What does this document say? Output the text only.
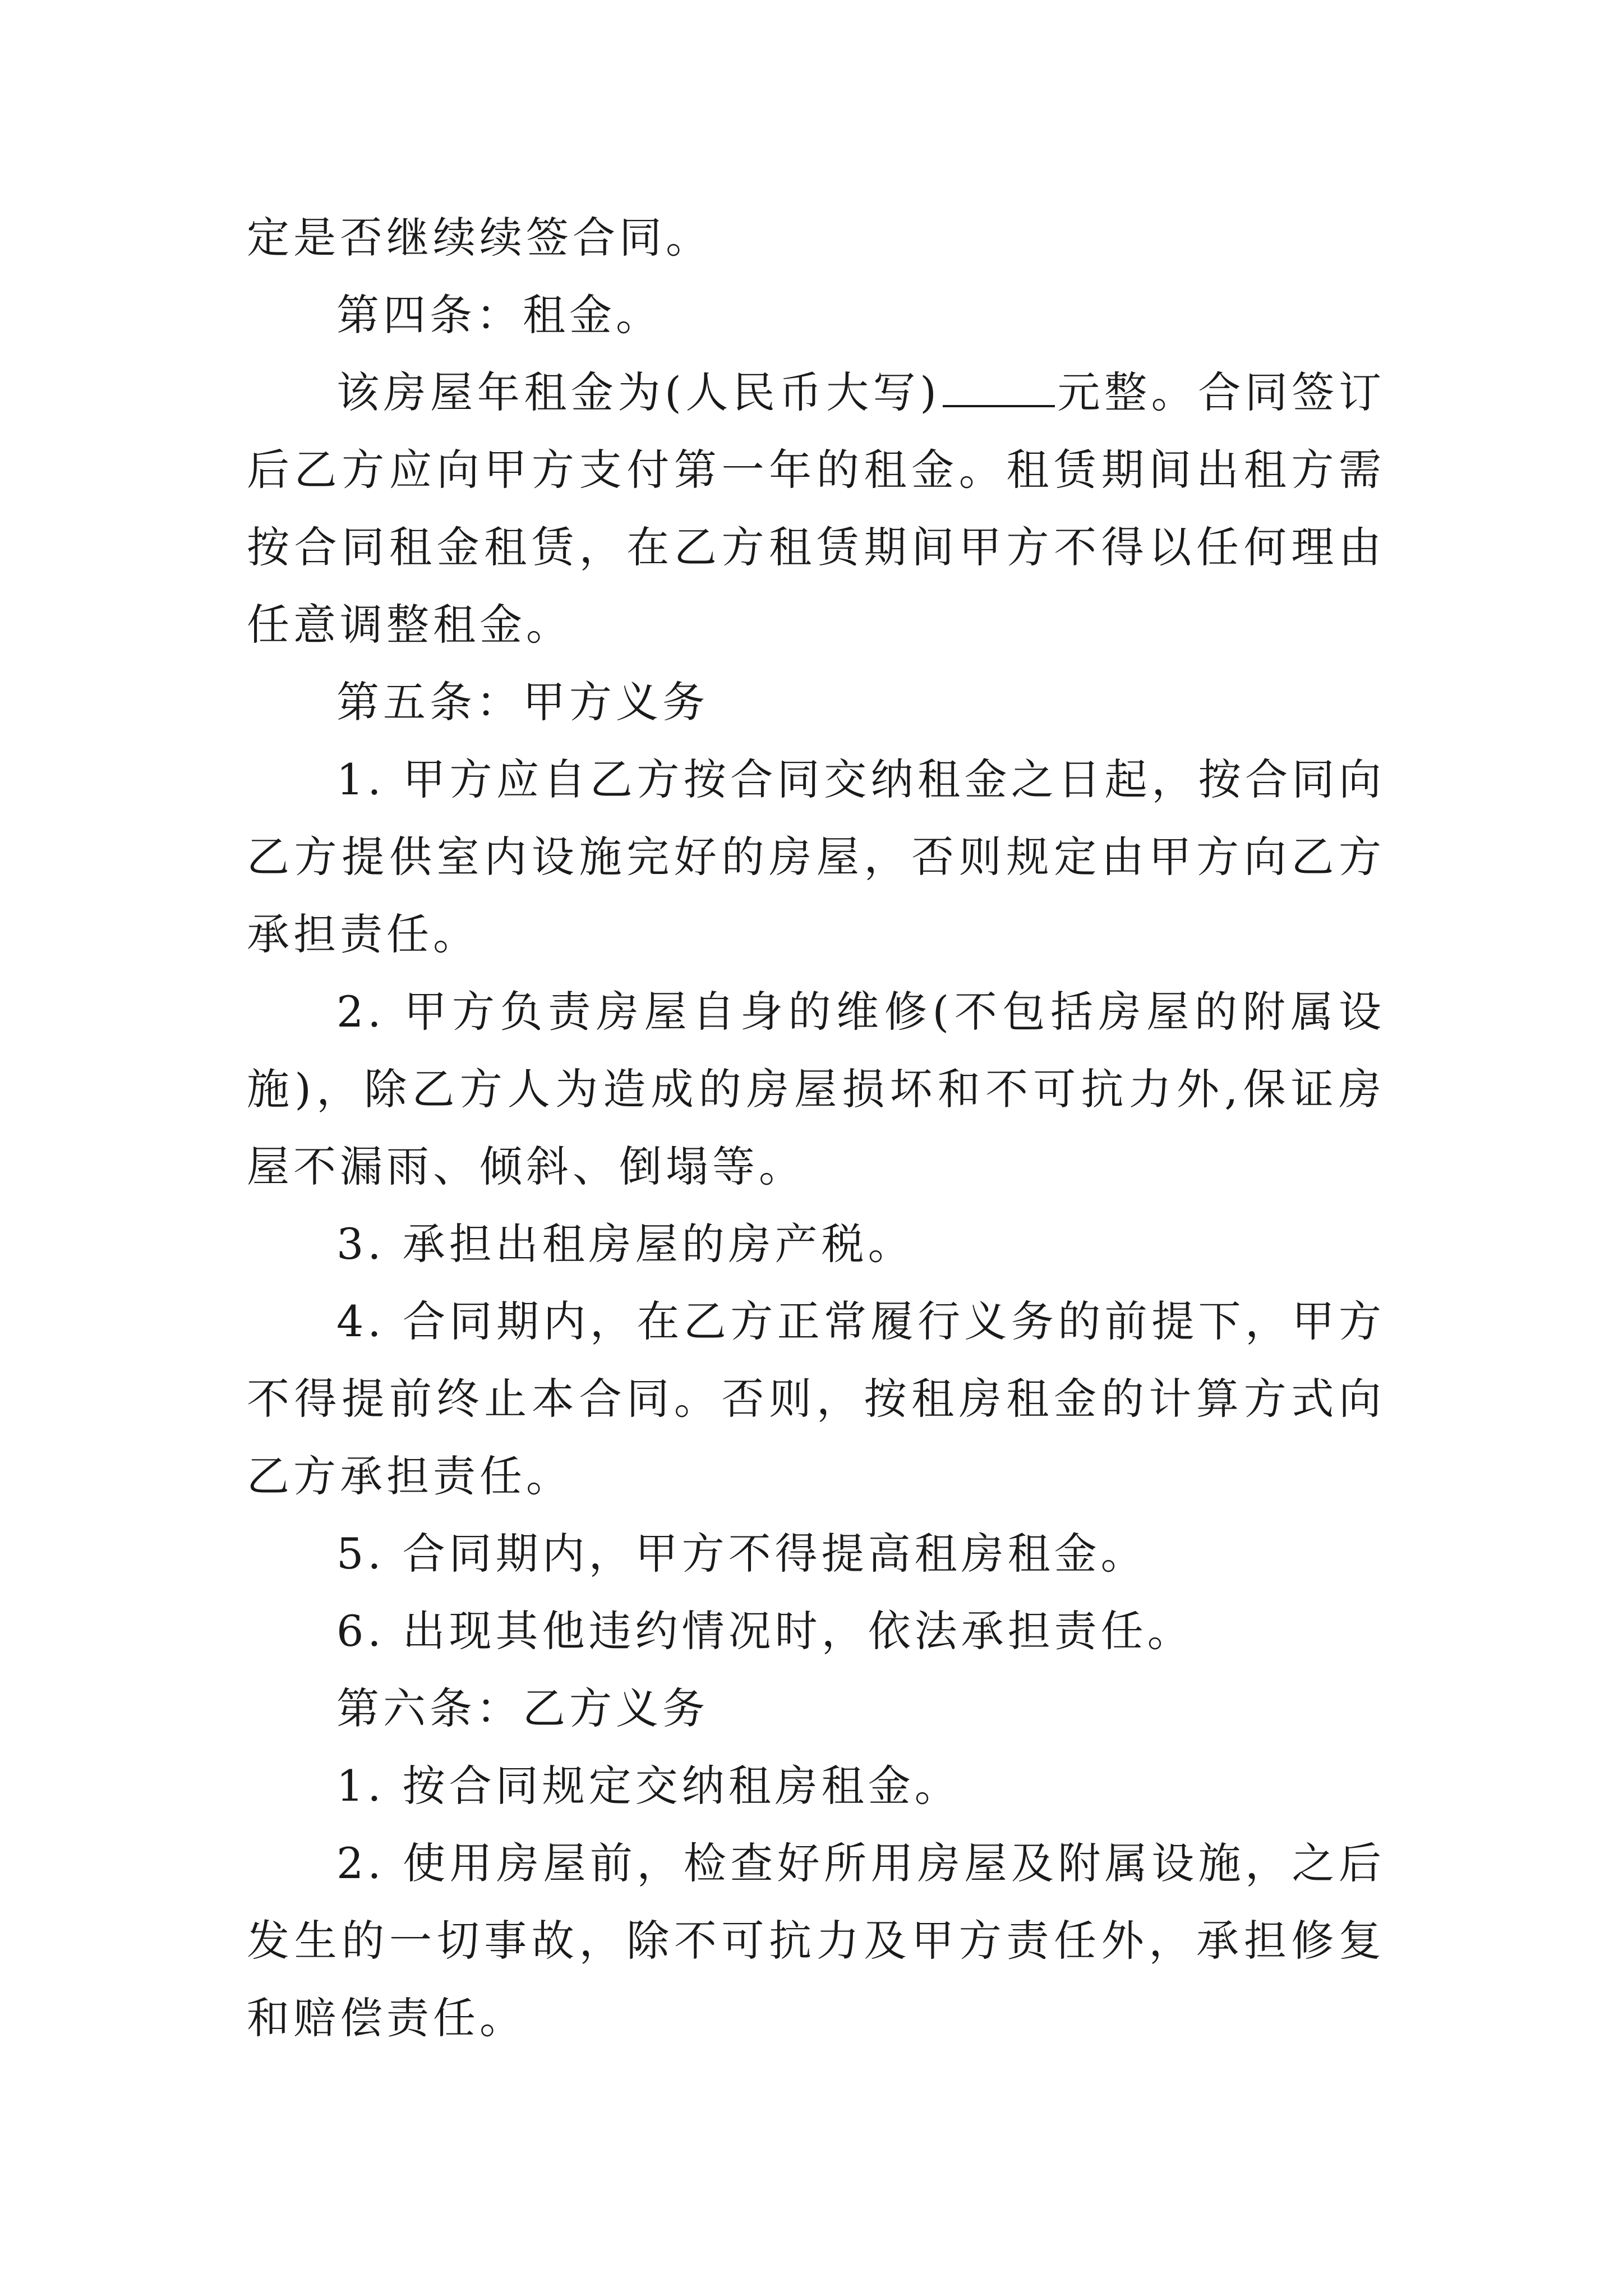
定是否继续续签合同。

第四条：租金。

该房屋年租金为(人民币大写)	元整。合同签订后乙方应向甲方支付第一年的租金。租赁期间出租方需按合同租金租赁，在乙方租赁期间甲方不得以任何理由任意调整租金。

第五条：甲方义务

1. 甲方应自乙方按合同交纳租金之日起，按合同向乙方提供室内设施完好的房屋，否则规定由甲方向乙方承担责任。

2. 甲方负责房屋自身的维修(不包括房屋的附属设施)，除乙方人为造成的房屋损坏和不可抗力外,保证房屋不漏雨、倾斜、倒塌等。

3. 承担出租房屋的房产税。

4. 合同期内，在乙方正常履行义务的前提下，甲方不得提前终止本合同。否则，按租房租金的计算方式向乙方承担责任。

5. 合同期内，甲方不得提高租房租金。

6. 出现其他违约情况时，依法承担责任。

第六条：乙方义务

1. 按合同规定交纳租房租金。

2. 使用房屋前，检查好所用房屋及附属设施，之后发生的一切事故，除不可抗力及甲方责任外，承担修复和赔偿责任。
